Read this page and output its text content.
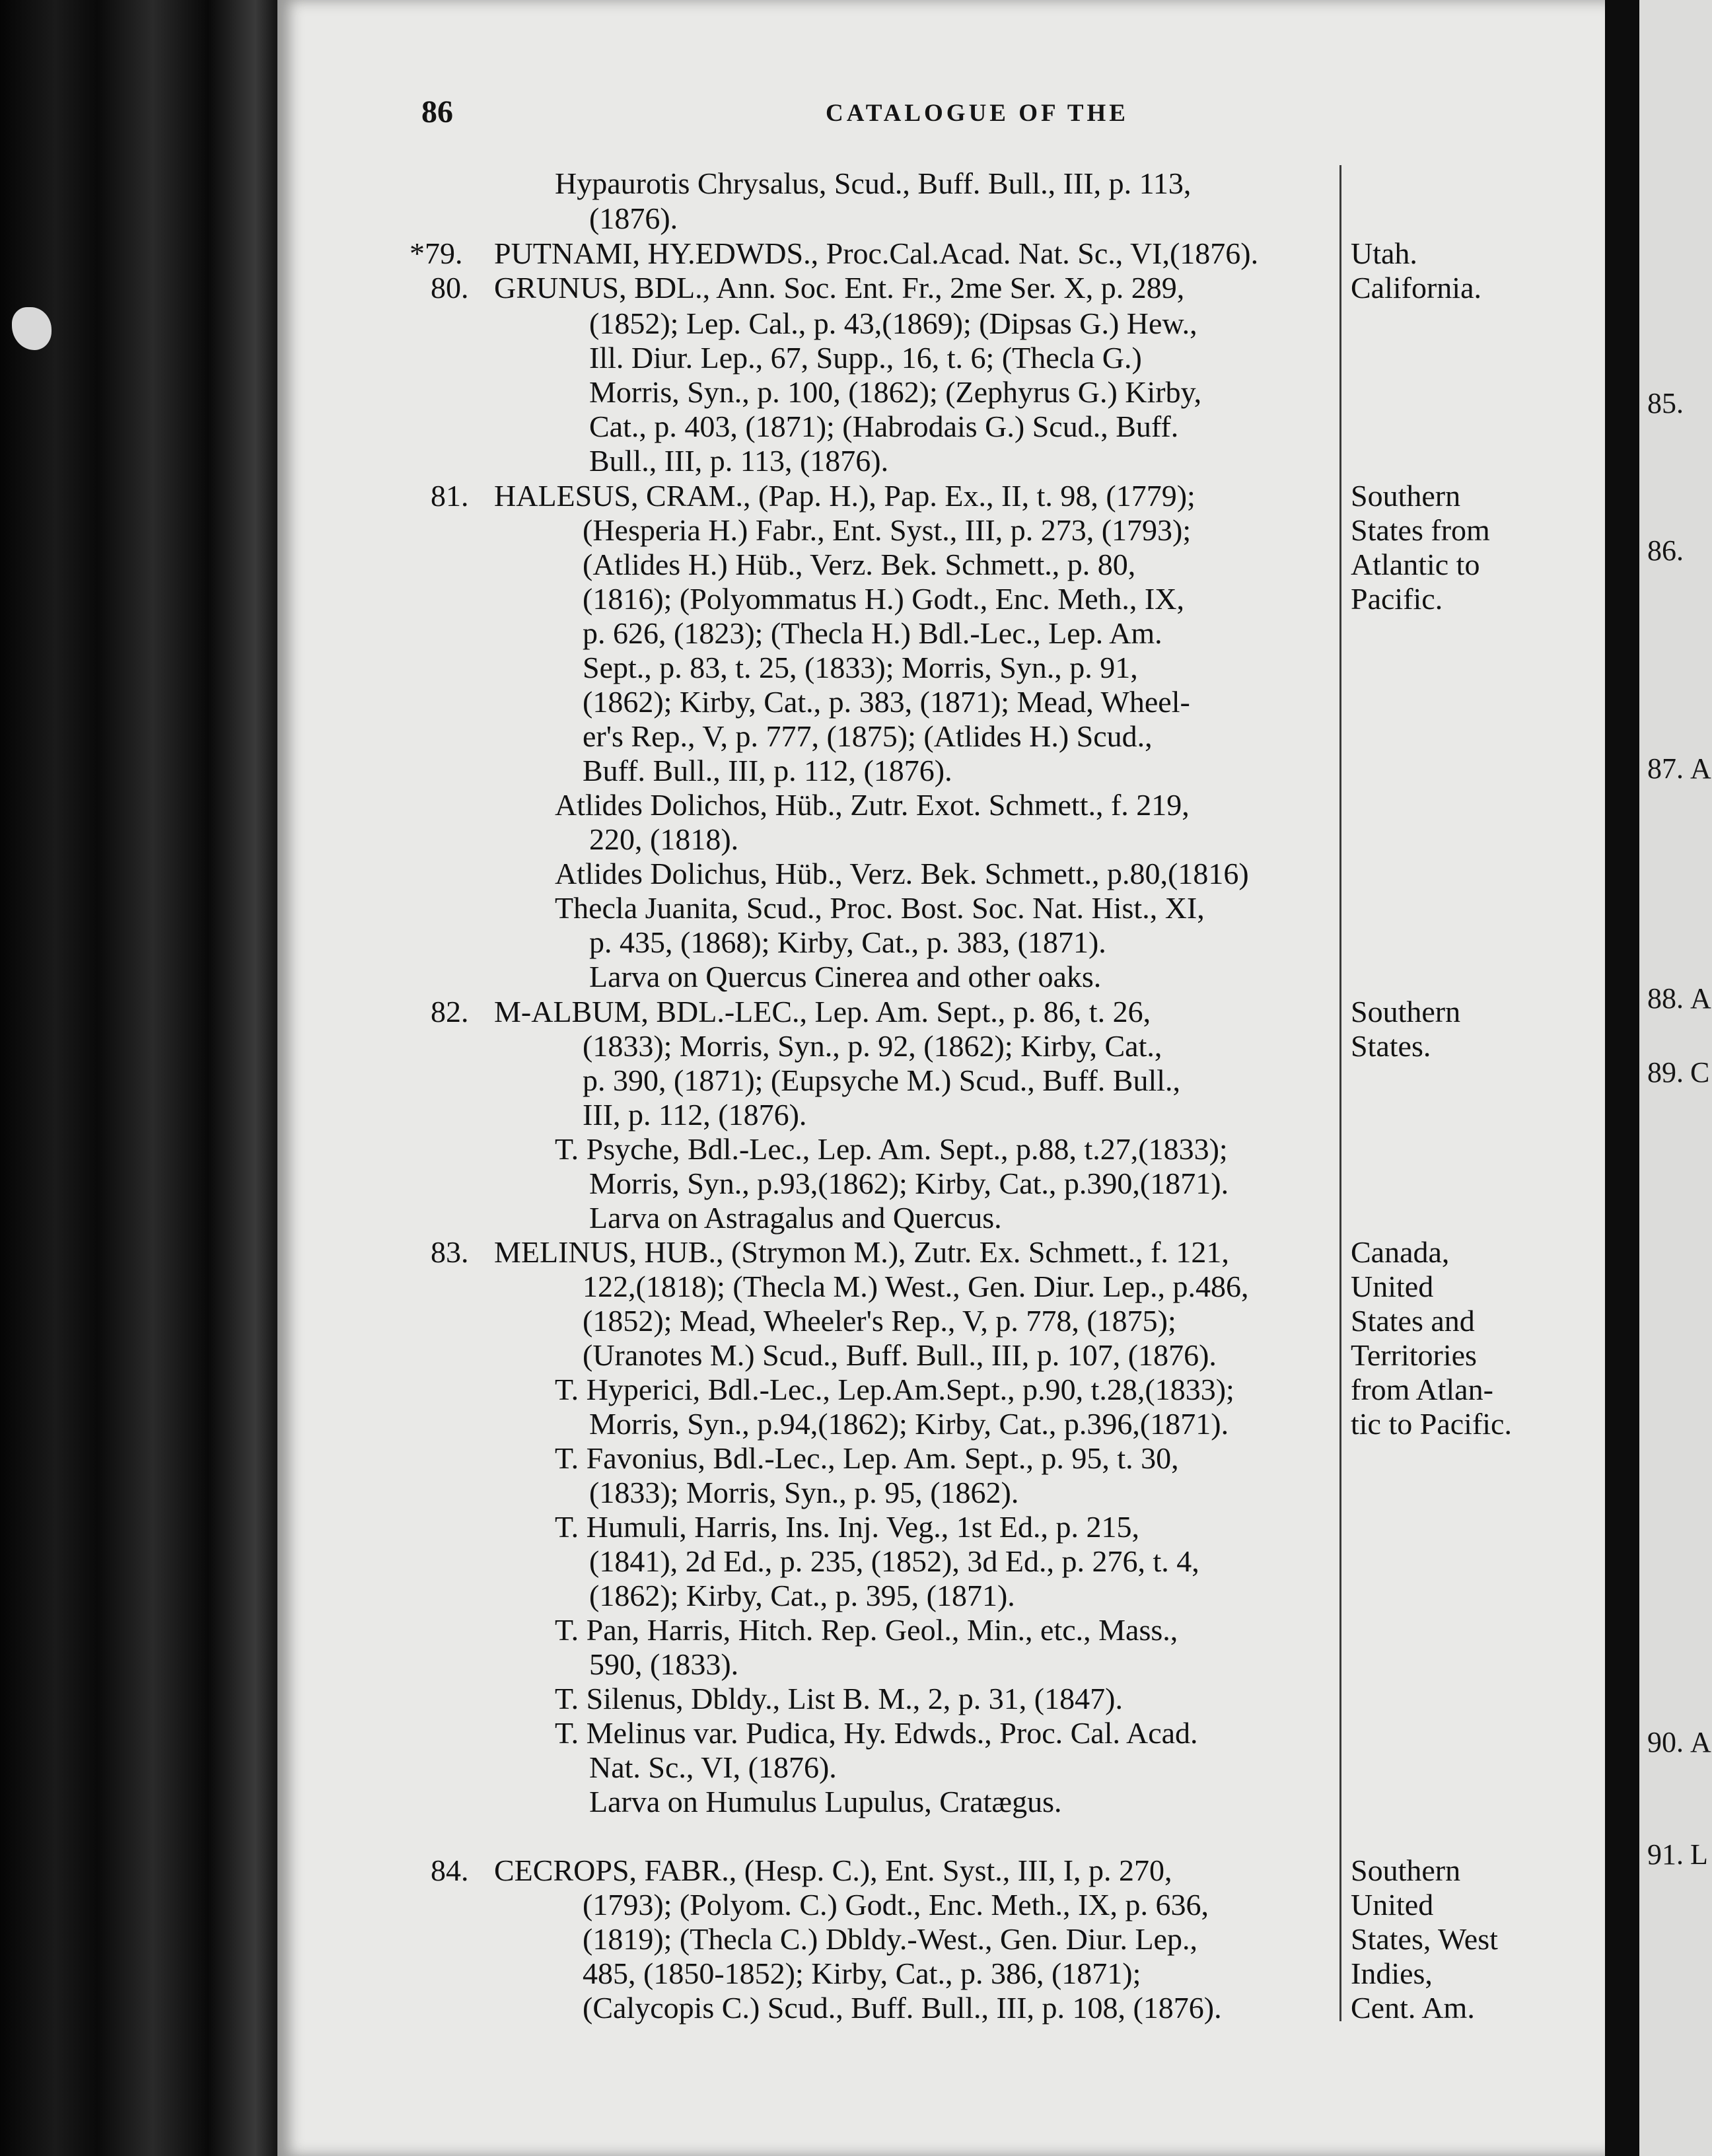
86	CATALOGUE OF THE
Hypaurotis Chrysalus, Scud., Buff. Bull., III, p. 113,
(1876).
*79. PUTNAMI, HY.EDWDS., Proc.Cal.Acad. Nat. Sc., VI,(1876).
80. GRUNUS, BDL., Ann. Soc. Ent. Fr., 2me Ser. X, p. 289,
(1852); Lep. Cal., p. 43,(1869); (Dipsas G.) Hew.,
Ill. Diur. Lep., 67, Supp., 16, t. 6; (Thecla G.)
Morris, Syn., p. 100, (1862); (Zephyrus G.) Kirby,
Cat., p. 403, (1871); (Habrodais G.) Scud., Buff.
Bull., III, p. 113, (1876).
81. HALESUS, CRAM., (Pap. H.), Pap. Ex., II, t. 98, (1779);
(Hesperia H.) Fabr., Ent. Syst., III, p. 273, (1793);
(Atlides H.) Hüb., Verz. Bek. Schmett., p. 80,
(1816); (Polyommatus H.) Godt., Enc. Meth., IX,
p. 626, (1823); (Thecla H.) Bdl.-Lec., Lep. Am.
Sept., p. 83, t. 25, (1833); Morris, Syn., p. 91,
(1862); Kirby, Cat., p. 383, (1871); Mead, Wheel-
er's Rep., V, p. 777, (1875); (Atlides H.) Scud.,
Buff. Bull., III, p. 112, (1876).
Atlides Dolichos, Hüb., Zutr. Exot. Schmett., f. 219,
220, (1818).
Atlides Dolichus, Hüb., Verz. Bek. Schmett., p.80,(1816)
Thecla Juanita, Scud., Proc. Bost. Soc. Nat. Hist., XI,
p. 435, (1868); Kirby, Cat., p. 383, (1871).
Larva on Quercus Cinerea and other oaks.
82. M-ALBUM, BDL.-LEC., Lep. Am. Sept., p. 86, t. 26,
(1833); Morris, Syn., p. 92, (1862); Kirby, Cat.,
p. 390, (1871); (Eupsyche M.) Scud., Buff. Bull.,
III, p. 112, (1876).
T. Psyche, Bdl.-Lec., Lep. Am. Sept., p.88, t.27,(1833);
Morris, Syn., p.93,(1862); Kirby, Cat., p.390,(1871).
Larva on Astragalus and Quercus.
83. MELINUS, HUB., (Strymon M.), Zutr. Ex. Schmett., f. 121,
122,(1818); (Thecla M.) West., Gen. Diur. Lep., p.486,
(1852); Mead, Wheeler's Rep., V, p. 778, (1875);
(Uranotes M.) Scud., Buff. Bull., III, p. 107, (1876).
T. Hyperici, Bdl.-Lec., Lep.Am.Sept., p.90, t.28,(1833);
Morris, Syn., p.94,(1862); Kirby, Cat., p.396,(1871).
T. Favonius, Bdl.-Lec., Lep. Am. Sept., p. 95, t. 30,
(1833); Morris, Syn., p. 95, (1862).
T. Humuli, Harris, Ins. Inj. Veg., 1st Ed., p. 215,
(1841), 2d Ed., p. 235, (1852), 3d Ed., p. 276, t. 4,
(1862); Kirby, Cat., p. 395, (1871).
T. Pan, Harris, Hitch. Rep. Geol., Min., etc., Mass.,
590, (1833).
T. Silenus, Dbldy., List B. M., 2, p. 31, (1847).
T. Melinus var. Pudica, Hy. Edwds., Proc. Cal. Acad.
Nat. Sc., VI, (1876).
Larva on Humulus Lupulus, Cratægus.
84. CECROPS, FABR., (Hesp. C.), Ent. Syst., III, I, p. 270,
(1793); (Polyom. C.) Godt., Enc. Meth., IX, p. 636,
(1819); (Thecla C.) Dbldy.-West., Gen. Diur. Lep.,
485, (1850-1852); Kirby, Cat., p. 386, (1871);
(Calycopis C.) Scud., Buff. Bull., III, p. 108, (1876).
Utah.
California.
Southern
States from
Atlantic to
Pacific.
Southern
States.
Canada,
United
States and
Territories
from Atlan-
tic to Pacific.
Southern
United
States, West
Indies,
Cent. Am.
85.
86.
87. A
88. A
89. C
90. A
91. L
